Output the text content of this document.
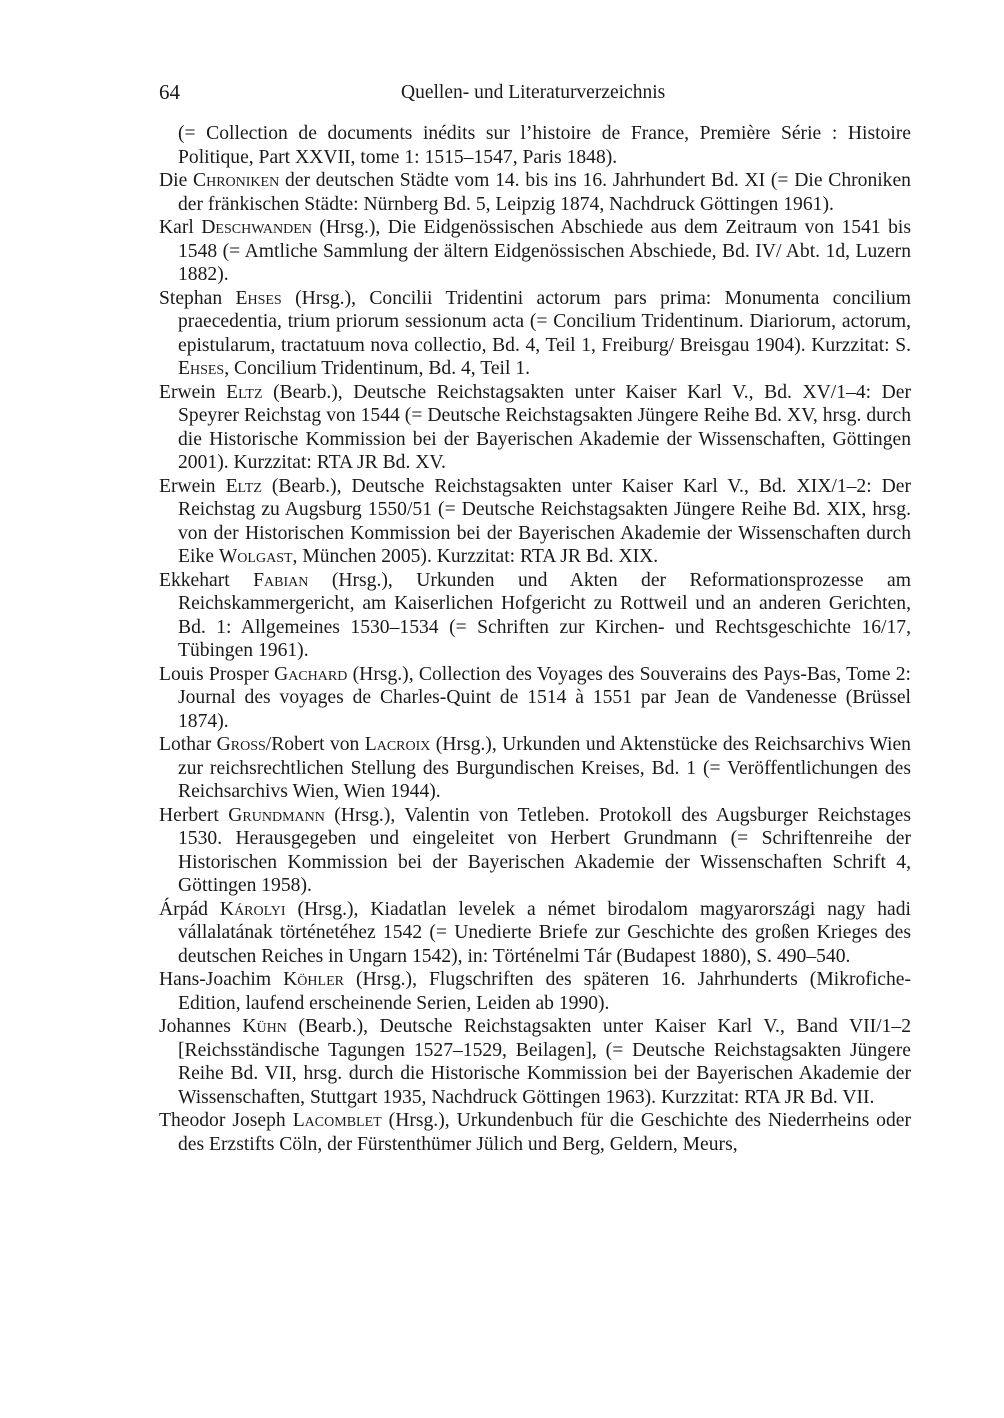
64	Quellen- und Literaturverzeichnis

(= Collection de documents inédits sur l’histoire de France, Première Série : Histoire Politique, Part XXVII, tome 1: 1515–1547, Paris 1848).

Die Chroniken der deutschen Städte vom 14. bis ins 16. Jahrhundert Bd. XI (= Die Chroniken der fränkischen Städte: Nürnberg Bd. 5, Leipzig 1874, Nachdruck Göttingen 1961).

Karl Deschwanden (Hrsg.), Die Eidgenössischen Abschiede aus dem Zeitraum von 1541 bis 1548 (= Amtliche Sammlung der ältern Eidgenössischen Abschiede, Bd. IV/ Abt. 1d, Luzern 1882).

Stephan Ehses (Hrsg.), Concilii Tridentini actorum pars prima: Monumenta concilium praecedentia, trium priorum sessionum acta (= Concilium Tridentinum. Diariorum, actorum, epistularum, tractatuum nova collectio, Bd. 4, Teil 1, Freiburg/ Breisgau 1904). Kurzzitat: S. Ehses, Concilium Tridentinum, Bd. 4, Teil 1.

Erwein Eltz (Bearb.), Deutsche Reichstagsakten unter Kaiser Karl V., Bd. XV/1–4: Der Speyrer Reichstag von 1544 (= Deutsche Reichstagsakten Jüngere Reihe Bd. XV, hrsg. durch die Historische Kommission bei der Bayerischen Akademie der Wissenschaften, Göttingen 2001). Kurzzitat: RTA JR Bd. XV.

Erwein Eltz (Bearb.), Deutsche Reichstagsakten unter Kaiser Karl V., Bd. XIX/1–2: Der Reichstag zu Augsburg 1550/51 (= Deutsche Reichstagsakten Jüngere Reihe Bd. XIX, hrsg. von der Historischen Kommission bei der Bayerischen Akademie der Wissenschaften durch Eike Wolgast, München 2005). Kurzzitat: RTA JR Bd. XIX.

Ekkehart Fabian (Hrsg.), Urkunden und Akten der Reformationsprozesse am Reichskammergericht, am Kaiserlichen Hofgericht zu Rottweil und an anderen Gerichten, Bd. 1: Allgemeines 1530–1534 (= Schriften zur Kirchen- und Rechtsgeschichte 16/17, Tübingen 1961).

Louis Prosper Gachard (Hrsg.), Collection des Voyages des Souverains des Pays-Bas, Tome 2: Journal des voyages de Charles-Quint de 1514 à 1551 par Jean de Vandenesse (Brüssel 1874).

Lothar Groß/Robert von Lacroix (Hrsg.), Urkunden und Aktenstücke des Reichsarchivs Wien zur reichsrechtlichen Stellung des Burgundischen Kreises, Bd. 1 (= Veröffentlichungen des Reichsarchivs Wien, Wien 1944).

Herbert Grundmann (Hrsg.), Valentin von Tetleben. Protokoll des Augsburger Reichstages 1530. Herausgegeben und eingeleitet von Herbert Grundmann (= Schriftenreihe der Historischen Kommission bei der Bayerischen Akademie der Wissenschaften Schrift 4, Göttingen 1958).

Árpád Károlyi (Hrsg.), Kiadatlan levelek a német birodalom magyarországi nagy hadi vállalatának történetéhez 1542 (= Unedierte Briefe zur Geschichte des großen Krieges des deutschen Reiches in Ungarn 1542), in: Történelmi Tár (Budapest 1880), S. 490–540.

Hans-Joachim Köhler (Hrsg.), Flugschriften des späteren 16. Jahrhunderts (Mikrofiche-Edition, laufend erscheinende Serien, Leiden ab 1990).

Johannes Kühn (Bearb.), Deutsche Reichstagsakten unter Kaiser Karl V., Band VII/1–2 [Reichsständische Tagungen 1527–1529, Beilagen], (= Deutsche Reichstagsakten Jüngere Reihe Bd. VII, hrsg. durch die Historische Kommission bei der Bayerischen Akademie der Wissenschaften, Stuttgart 1935, Nachdruck Göttingen 1963). Kurzzitat: RTA JR Bd. VII.

Theodor Joseph Lacomblet (Hrsg.), Urkundenbuch für die Geschichte des Niederrheins oder des Erzstifts Cöln, der Fürstenthümer Jülich und Berg, Geldern, Meurs,
